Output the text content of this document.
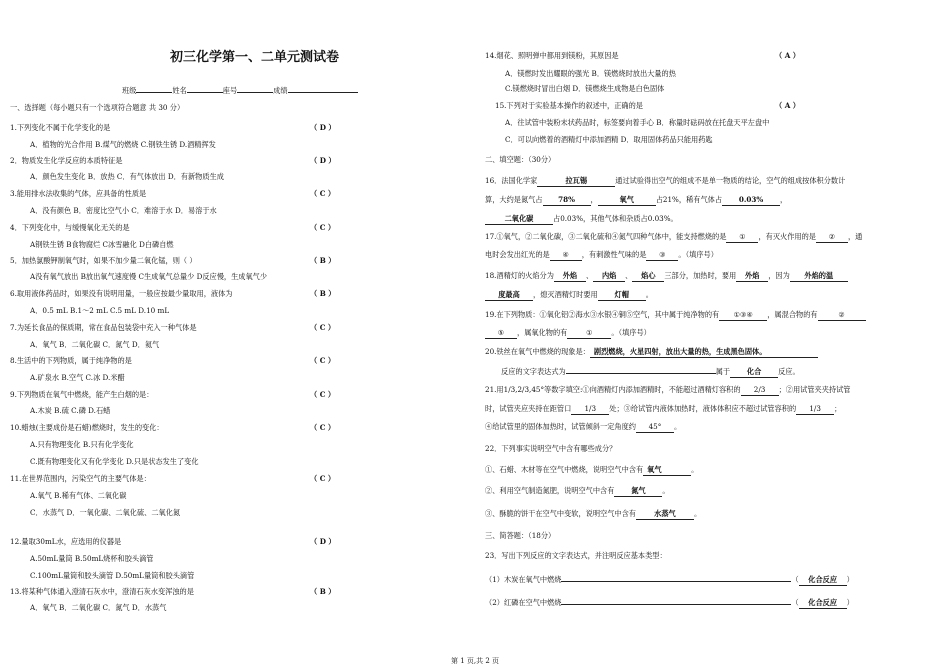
初三化学第一、二单元测试卷
班级	姓名	座号	成绩
一、选择题（每小题只有一个选项符合题意 共 30 分）
1.下列变化不属于化学变化的是	（ D ）
A．植物的光合作用 B.煤气的燃烧 C.钢铁生锈 D.酒精挥发
2．物质发生化学反应的本质特征是	（ D ）
A．颜色发生变化 B．放热 C．有气体放出 D．有新物质生成
3.能用排水法收集的气体，应具备的性质是	（ C ）
A．没有颜色 B．密度比空气小 C．难溶于水 D．易溶于水
4．下列变化中，与缓慢氧化无关的是	（ C ）
A钢铁生锈 B食物腐烂 C冰雪融化 D白磷自燃
5．加热氯酸钾制氧气时，如果不加少量二氧化锰，则（ ）	（ B ）
A没有氧气放出 B放出氧气速度慢 C生成氧气总量少 D反应慢，生成氧气少
6.取用液体药品时，如果没有说明用量，一般应按最少量取用，液体为	（ B ）
A．0.5 mL B.1～2 mL C.5 mL D.10 mL
7.为延长食品的保质期，常在食品包装袋中充入一种气体是	（ C ）
A．氧气 B．二氧化碳 C．氮气 D．氦气
8.生活中的下列物质，属于纯净物的是	（ C ）
A.矿泉水 B.空气 C.冰 D.米醋
9.下列物质在氧气中燃烧，能产生白烟的是：	（ C ）
A.木炭 B.硫 C.磷 D.石蜡
10.蜡烛(主要成份是石蜡)燃烧时，发生的变化：	（ C ）
A.只有物理变化 B.只有化学变化
C.既有物理变化又有化学变化 D.只是状态发生了变化
11.在世界范围内，污染空气的主要气体是：	（ C ）
A.氧气 B.稀有气体、二氧化碳
C．水蒸气 D．一氧化碳、二氧化硫、二氧化氮
12.量取30mL水，应选用的仪器是	（ D ）
A.50mL量筒 B.50mL烧杯和胶头滴管
C.100mL量筒和胶头滴管 D.50mL量筒和胶头滴管
13.将某种气体通入澄清石灰水中，澄清石灰水变浑浊的是	（ B ）
A．氧气 B．二氧化碳 C．氮气 D．水蒸气
14.烟花、照明弹中都用到镁粉，其原因是	（ A ）
A．镁燃时发出耀眼的强光 B．镁燃烧时放出大量的热
C.镁燃烧时冒出白烟 D．镁燃烧生成物是白色固体
15.下列对于实验基本操作的叙述中，正确的是	（ A ）
A．往试管中装粉末状药品时，标签要向着手心 B．称量时砝码放在托盘天平左盘中
C．可以向燃着的酒精灯中添加酒精 D．取用固体药品只能用药匙
二、填空题：（30分）
16．法国化学家	拉瓦锡	通过试验得出空气的组成不是单一物质的结论，空气的组成按体积分数计
算，大约是氮气占 78% ，	氧气	占21%，稀有气体占 0.03% ，
二氧化碳	占0.03%，其他气体和杂质占0.03%。
17.①氧气，②二氧化碳，③二氧化硫和④氮气四种气体中，能支持燃烧的是 ① ，有灭火作用的是 ② ，通
电时会发出红光的是 ④ ，有刺激性气味的是 ③ 。（填序号）
18.酒精灯的火焰分为 外焰 、 内焰 、 焰心 三部分，加热时，要用 外焰 ，因为 外焰的温
度最高 ，熄灭酒精灯时要用 灯帽 。
19.在下列物质：①氧化铝②海水③水银④铜⑤空气，其中属于纯净物的有 ①③④ ，属混合物的有	②
⑤ ，属氧化物的有	①	。（填序号）
20.铁丝在氧气中燃烧的现象是： 剧烈燃烧，火星四射，放出大量的热，生成黑色固体。
反应的文字表达式为	属于 化合 反应。
21.用1/3,2/3,45°等数字填空:①向酒精灯内添加酒精时，不能超过酒精灯容积的 2/3 ；②用试管夹夹持试管
时，试管夹应夹持在距管口 1/3 处；③给试管内液体加热时，液体体积应不超过试管容积的 1/3 ；
④给试管里的固体加热时，试管倾斜一定角度约 45° 。
22．下列事实说明空气中含有哪些成分？
①、石蜡、木材等在空气中燃烧，说明空气中含有 氧气	。
②、利用空气制造氮肥，说明空气中含有 氮气 。
③、酥脆的饼干在空气中变软，说明空气中含有	水蒸气	。
三、简答题：（18分）
23．写出下列反应的文字表达式，并注明反应基本类型：
（1）木炭在氧气中燃烧	（ 化合反应 ）
（2）红磷在空气中燃烧	（ 化合反应 ）
第 1 页,共 2 页
